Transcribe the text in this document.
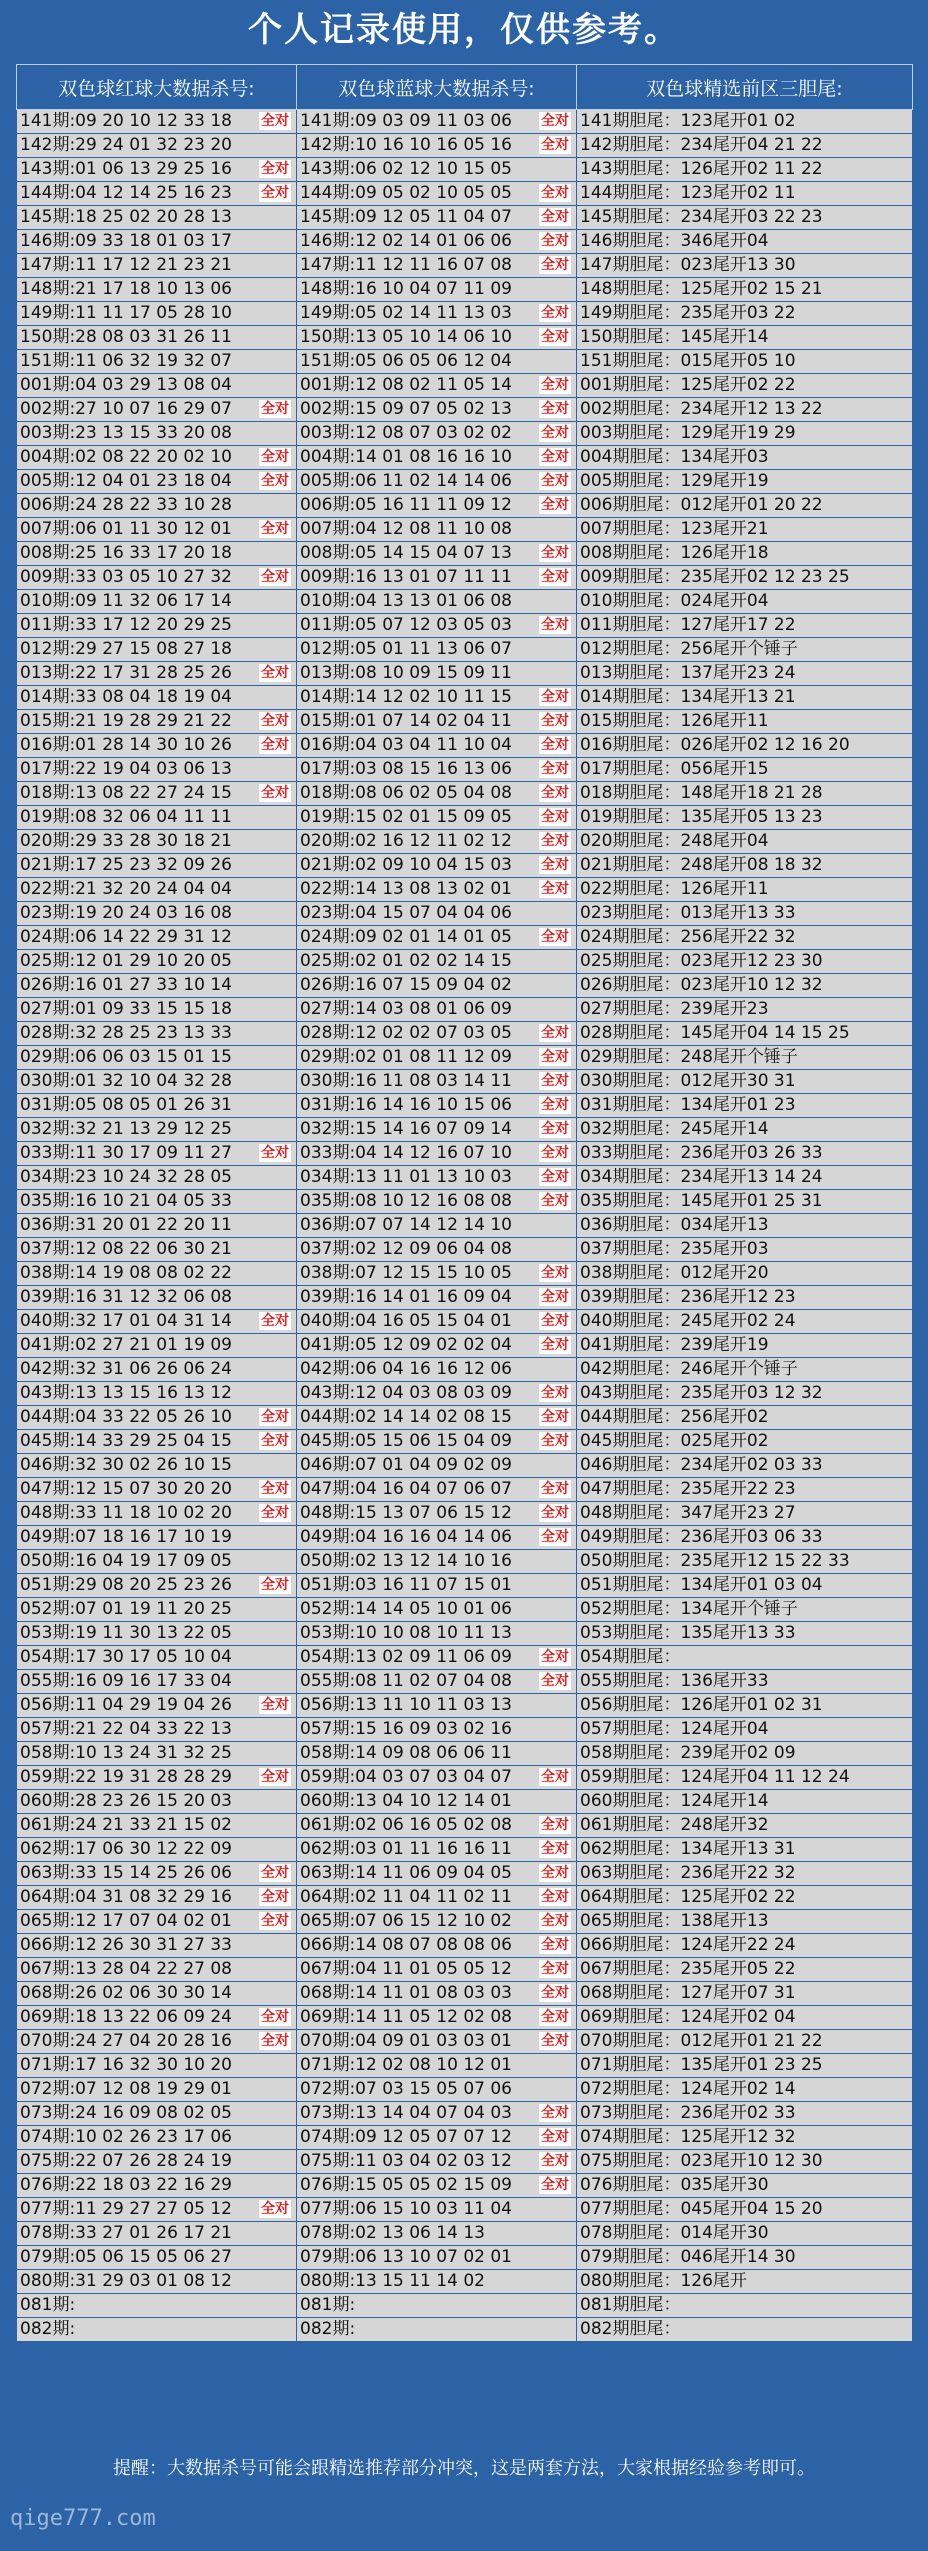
个人记录使用，仅供参考。
双色球红球大数据杀号:	双色球蓝球大数据杀号:	双色球精选前区三胆尾:
141期:09 20 10 12 33 18 全对	141期:09 03 09 11 03 06 全对	141期胆尾：123尾开01 02
142期:29 24 01 32 23 20	142期:10 16 10 16 05 16 全对	142期胆尾：234尾开04 21 22
143期:01 06 13 29 25 16 全对	143期:06 02 12 10 15 05	143期胆尾：126尾开02 11 22
144期:04 12 14 25 16 23 全对	144期:09 05 02 10 05 05 全对	144期胆尾：123尾开02 11
145期:18 25 02 20 28 13	145期:09 12 05 11 04 07 全对	145期胆尾：234尾开03 22 23
146期:09 33 18 01 03 17	146期:12 02 14 01 06 06 全对	146期胆尾：346尾开04
147期:11 17 12 21 23 21	147期:11 12 11 16 07 08 全对	147期胆尾：023尾开13 30
148期:21 17 18 10 13 06	148期:16 10 04 07 11 09	148期胆尾：125尾开02 15 21
149期:11 11 17 05 28 10	149期:05 02 14 11 13 03 全对	149期胆尾：235尾开03 22
150期:28 08 03 31 26 11	150期:13 05 10 14 06 10 全对	150期胆尾：145尾开14
151期:11 06 32 19 32 07	151期:05 06 05 06 12 04	151期胆尾：015尾开05 10
001期:04 03 29 13 08 04	001期:12 08 02 11 05 14 全对	001期胆尾：125尾开02 22
002期:27 10 07 16 29 07 全对	002期:15 09 07 05 02 13 全对	002期胆尾：234尾开12 13 22
003期:23 13 15 33 20 08	003期:12 08 07 03 02 02 全对	003期胆尾：129尾开19 29
004期:02 08 22 20 02 10 全对	004期:14 01 08 16 16 10 全对	004期胆尾：134尾开03
005期:12 04 01 23 18 04 全对	005期:06 11 02 14 14 06 全对	005期胆尾：129尾开19
006期:24 28 22 33 10 28	006期:05 16 11 11 09 12 全对	006期胆尾：012尾开01 20 22
007期:06 01 11 30 12 01 全对	007期:04 12 08 11 10 08	007期胆尾：123尾开21
008期:25 16 33 17 20 18	008期:05 14 15 04 07 13 全对	008期胆尾：126尾开18
009期:33 03 05 10 27 32 全对	009期:16 13 01 07 11 11 全对	009期胆尾：235尾开02 12 23 25
010期:09 11 32 06 17 14	010期:04 13 13 01 06 08	010期胆尾：024尾开04
011期:33 17 12 20 29 25	011期:05 07 12 03 05 03 全对	011期胆尾：127尾开17 22
012期:29 27 15 08 27 18	012期:05 01 11 13 06 07	012期胆尾：256尾开个锤子
013期:22 17 31 28 25 26 全对	013期:08 10 09 15 09 11	013期胆尾：137尾开23 24
014期:33 08 04 18 19 04	014期:14 12 02 10 11 15 全对	014期胆尾：134尾开13 21
015期:21 19 28 29 21 22 全对	015期:01 07 14 02 04 11 全对	015期胆尾：126尾开11
016期:01 28 14 30 10 26 全对	016期:04 03 04 11 10 04 全对	016期胆尾：026尾开02 12 16 20
017期:22 19 04 03 06 13	017期:03 08 15 16 13 06 全对	017期胆尾：056尾开15
018期:13 08 22 27 24 15 全对	018期:08 06 02 05 04 08 全对	018期胆尾：148尾开18 21 28
019期:08 32 06 04 11 11	019期:15 02 01 15 09 05 全对	019期胆尾：135尾开05 13 23
020期:29 33 28 30 18 21	020期:02 16 12 11 02 12 全对	020期胆尾：248尾开04
021期:17 25 23 32 09 26	021期:02 09 10 04 15 03 全对	021期胆尾：248尾开08 18 32
022期:21 32 20 24 04 04	022期:14 13 08 13 02 01 全对	022期胆尾：126尾开11
023期:19 20 24 03 16 08	023期:04 15 07 04 04 06	023期胆尾：013尾开13 33
024期:06 14 22 29 31 12	024期:09 02 01 14 01 05 全对	024期胆尾：256尾开22 32
025期:12 01 29 10 20 05	025期:02 01 02 02 14 15	025期胆尾：023尾开12 23 30
026期:16 01 27 33 10 14	026期:16 07 15 09 04 02	026期胆尾：023尾开10 12 32
027期:01 09 33 15 15 18	027期:14 03 08 01 06 09	027期胆尾：239尾开23
028期:32 28 25 23 13 33	028期:12 02 02 07 03 05 全对	028期胆尾：145尾开04 14 15 25
029期:06 06 03 15 01 15	029期:02 01 08 11 12 09 全对	029期胆尾：248尾开个锤子
030期:01 32 10 04 32 28	030期:16 11 08 03 14 11 全对	030期胆尾：012尾开30 31
031期:05 08 05 01 26 31	031期:16 14 16 10 15 06 全对	031期胆尾：134尾开01 23
032期:32 21 13 29 12 25	032期:15 14 16 07 09 14 全对	032期胆尾：245尾开14
033期:11 30 17 09 11 27 全对	033期:04 14 12 16 07 10 全对	033期胆尾：236尾开03 26 33
034期:23 10 24 32 28 05	034期:13 11 01 13 10 03 全对	034期胆尾：234尾开13 14 24
035期:16 10 21 04 05 33	035期:08 10 12 16 08 08 全对	035期胆尾：145尾开01 25 31
036期:31 20 01 22 20 11	036期:07 07 14 12 14 10	036期胆尾：034尾开13
037期:12 08 22 06 30 21	037期:02 12 09 06 04 08	037期胆尾：235尾开03
038期:14 19 08 08 02 22	038期:07 12 15 15 10 05 全对	038期胆尾：012尾开20
039期:16 31 12 32 06 08	039期:16 14 01 16 09 04 全对	039期胆尾：236尾开12 23
040期:32 17 01 04 31 14 全对	040期:04 16 05 15 04 01 全对	040期胆尾：245尾开02 24
041期:02 27 21 01 19 09	041期:05 12 09 02 02 04 全对	041期胆尾：239尾开19
042期:32 31 06 26 06 24	042期:06 04 16 16 12 06	042期胆尾：246尾开个锤子
043期:13 13 15 16 13 12	043期:12 04 03 08 03 09 全对	043期胆尾：235尾开03 12 32
044期:04 33 22 05 26 10 全对	044期:02 14 14 02 08 15 全对	044期胆尾：256尾开02
045期:14 33 29 25 04 15 全对	045期:05 15 06 15 04 09 全对	045期胆尾：025尾开02
046期:32 30 02 26 10 15	046期:07 01 04 09 02 09	046期胆尾：234尾开02 03 33
047期:12 15 07 30 20 20 全对	047期:04 16 04 07 06 07 全对	047期胆尾：235尾开22 23
048期:33 11 18 10 02 20 全对	048期:15 13 07 06 15 12 全对	048期胆尾：347尾开23 27
049期:07 18 16 17 10 19	049期:04 16 16 04 14 06 全对	049期胆尾：236尾开03 06 33
050期:16 04 19 17 09 05	050期:02 13 12 14 10 16	050期胆尾：235尾开12 15 22 33
051期:29 08 20 25 23 26 全对	051期:03 16 11 07 15 01	051期胆尾：134尾开01 03 04
052期:07 01 19 11 20 25	052期:14 14 05 10 01 06	052期胆尾：134尾开个锤子
053期:19 11 30 13 22 05	053期:10 10 08 10 11 13	053期胆尾：135尾开13 33
054期:17 30 17 05 10 04	054期:13 02 09 11 06 09 全对	054期胆尾：
055期:16 09 16 17 33 04	055期:08 11 02 07 04 08 全对	055期胆尾：136尾开33
056期:11 04 29 19 04 26 全对	056期:13 11 10 11 03 13	056期胆尾：126尾开01 02 31
057期:21 22 04 33 22 13	057期:15 16 09 03 02 16	057期胆尾：124尾开04
058期:10 13 24 31 32 25	058期:14 09 08 06 06 11	058期胆尾：239尾开02 09
059期:22 19 31 28 28 29 全对	059期:04 03 07 03 04 07 全对	059期胆尾：124尾开04 11 12 24
060期:28 23 26 15 20 03	060期:13 04 10 12 14 01	060期胆尾：124尾开14
061期:24 21 33 21 15 02	061期:02 06 16 05 02 08 全对	061期胆尾：248尾开32
062期:17 06 30 12 22 09	062期:03 01 11 16 16 11 全对	062期胆尾：134尾开13 31
063期:33 15 14 25 26 06 全对	063期:14 11 06 09 04 05 全对	063期胆尾：236尾开22 32
064期:04 31 08 32 29 16 全对	064期:02 11 04 11 02 11 全对	064期胆尾：125尾开02 22
065期:12 17 07 04 02 01 全对	065期:07 06 15 12 10 02 全对	065期胆尾：138尾开13
066期:12 26 30 31 27 33	066期:14 08 07 08 08 06 全对	066期胆尾：124尾开22 24
067期:13 28 04 22 27 08	067期:04 11 01 05 05 12 全对	067期胆尾：235尾开05 22
068期:26 02 06 30 30 14	068期:14 11 01 08 03 03 全对	068期胆尾：127尾开07 31
069期:18 13 22 06 09 24 全对	069期:14 11 05 12 02 08 全对	069期胆尾：124尾开02 04
070期:24 27 04 20 28 16 全对	070期:04 09 01 03 03 01 全对	070期胆尾：012尾开01 21 22
071期:17 16 32 30 10 20	071期:12 02 08 10 12 01	071期胆尾：135尾开01 23 25
072期:07 12 08 19 29 01	072期:07 03 15 05 07 06	072期胆尾：124尾开02 14
073期:24 16 09 08 02 05	073期:13 14 04 07 04 03 全对	073期胆尾：236尾开02 33
074期:10 02 26 23 17 06	074期:09 12 05 07 07 12 全对	074期胆尾：125尾开12 32
075期:22 07 26 28 24 19	075期:11 03 04 02 03 12 全对	075期胆尾：023尾开10 12 30
076期:22 18 03 22 16 29	076期:15 05 05 02 15 09 全对	076期胆尾：035尾开30
077期:11 29 27 27 05 12 全对	077期:06 15 10 03 11 04	077期胆尾：045尾开04 15 20
078期:33 27 01 26 17 21	078期:02 13 06 14 13	078期胆尾：014尾开30
079期:05 06 15 05 06 27	079期:06 13 10 07 02 01	079期胆尾：046尾开14 30
080期:31 29 03 01 08 12	080期:13 15 11 14 02	080期胆尾：126尾开
081期:	081期:	081期胆尾：
082期:	082期:	082期胆尾：
提醒：大数据杀号可能会跟精选推荐部分冲突，这是两套方法，大家根据经验参考即可。
qige777.com
